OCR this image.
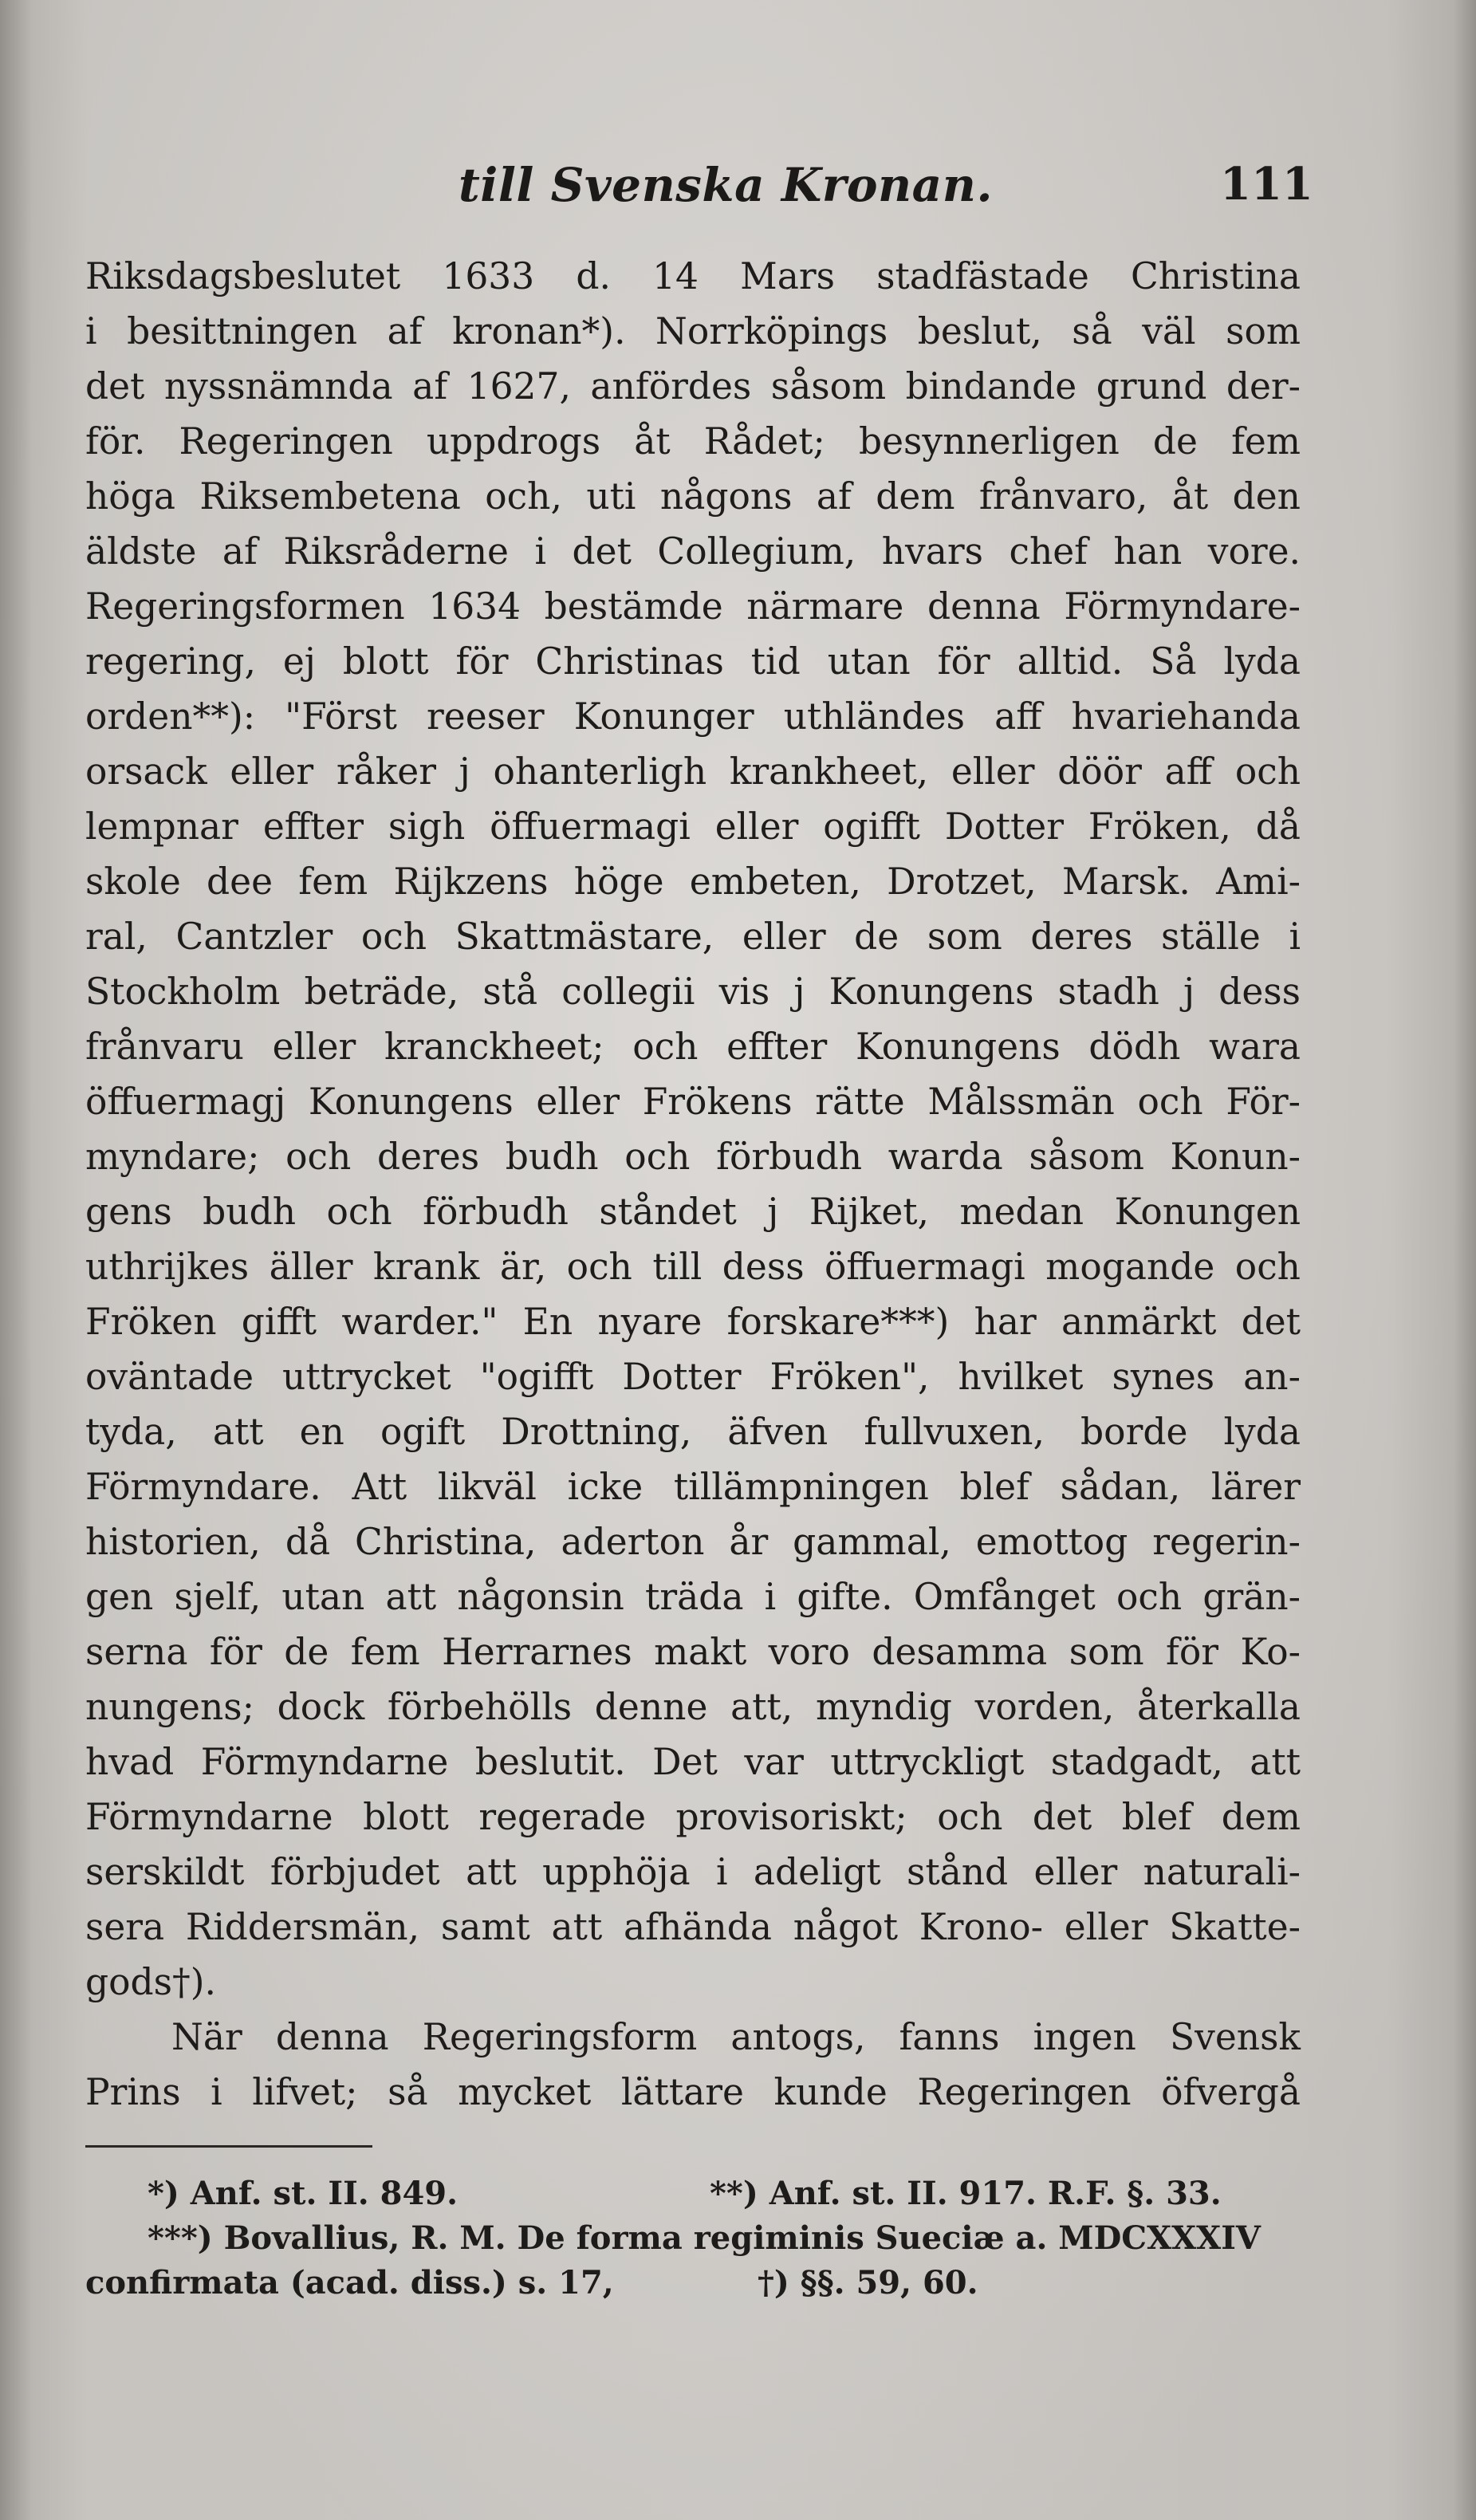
till Svenska Kronan.	111
Riksdagsbeslutet 1633 d. 14 Mars stadfästade Christina
i besittningen af kronan*). Norrköpings beslut, så väl som
det nyssnämnda af 1627, anfördes såsom bindande grund der-
för. Regeringen uppdrogs åt Rådet; besynnerligen de fem
höga Riksembetena och, uti någons af dem frånvaro, åt den
äldste af Riksråderne i det Collegium, hvars chef han vore.
Regeringsformen 1634 bestämde närmare denna Förmyndare-
regering, ej blott för Christinas tid utan för alltid. Så lyda
orden**): "Först reeser Konunger uthländes aff hvariehanda
orsack eller råker j ohanterligh krankheet, eller döör aff och
lempnar effter sigh öffuermagi eller ogifft Dotter Fröken, då
skole dee fem Rijkzens höge embeten, Drotzet, Marsk. Ami-
ral, Cantzler och Skattmästare, eller de som deres ställe i
Stockholm beträde, stå collegii vis j Konungens stadh j dess
frånvaru eller kranckheet; och effter Konungens dödh wara
öffuermagj Konungens eller Frökens rätte Målssmän och För-
myndare; och deres budh och förbudh warda såsom Konun-
gens budh och förbudh ståndet j Rijket, medan Konungen
uthrijkes äller krank är, och till dess öffuermagi mogande och
Fröken gifft warder." En nyare forskare***) har anmärkt det
oväntade uttrycket "ogifft Dotter Fröken", hvilket synes an-
tyda, att en ogift Drottning, äfven fullvuxen, borde lyda
Förmyndare. Att likväl icke tillämpningen blef sådan, lärer
historien, då Christina, aderton år gammal, emottog regerin-
gen sjelf, utan att någonsin träda i gifte. Omfånget och grän-
serna för de fem Herrarnes makt voro desamma som för Ko-
nungens; dock förbehölls denne att, myndig vorden, återkalla
hvad Förmyndarne beslutit. Det var uttryckligt stadgadt, att
Förmyndarne blott regerade provisoriskt; och det blef dem
serskildt förbjudet att upphöja i adeligt stånd eller naturali-
sera Riddersmän, samt att afhända något Krono- eller Skatte-
gods†).
När denna Regeringsform antogs, fanns ingen Svensk
Prins i lifvet; så mycket lättare kunde Regeringen öfvergå
*) Anf. st. II. 849.	**) Anf. st. II. 917. R.F. §. 33.
***) Bovallius, R. M. De forma regiminis Sueciæ a. MDCXXXIV
confirmata (acad. diss.) s. 17,	†) §§. 59, 60.
